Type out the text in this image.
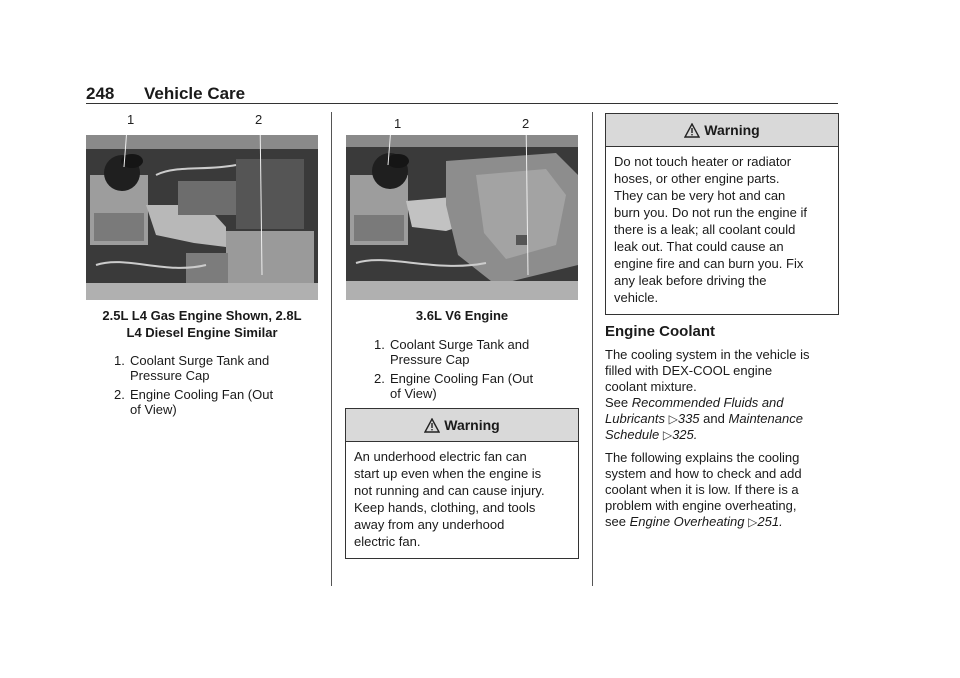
248 Vehicle Care
1	2
2.5L L4 Gas Engine Shown, 2.8L
L4 Diesel Engine Similar
1. Coolant Surge Tank and
Pressure Cap
2. Engine Cooling Fan (Out
of View)
1	2
3.6L V6 Engine
1. Coolant Surge Tank and
Pressure Cap
2. Engine Cooling Fan (Out
of View)
Warning
An underhood electric fan can
start up even when the engine is
not running and can cause injury.
Keep hands, clothing, and tools
away from any underhood
electric fan.
Warning
Do not touch heater or radiator
hoses, or other engine parts.
They can be very hot and can
burn you. Do not run the engine if
there is a leak; all coolant could
leak out. That could cause an
engine fire and can burn you. Fix
any leak before driving the
vehicle.
Engine Coolant
The cooling system in the vehicle is
filled with DEX-COOL engine
coolant mixture.
See Recommended Fluids and
Lubricants ▷335 and Maintenance
Schedule ▷325.
The following explains the cooling
system and how to check and add
coolant when it is low. If there is a
problem with engine overheating,
see Engine Overheating ▷251.
